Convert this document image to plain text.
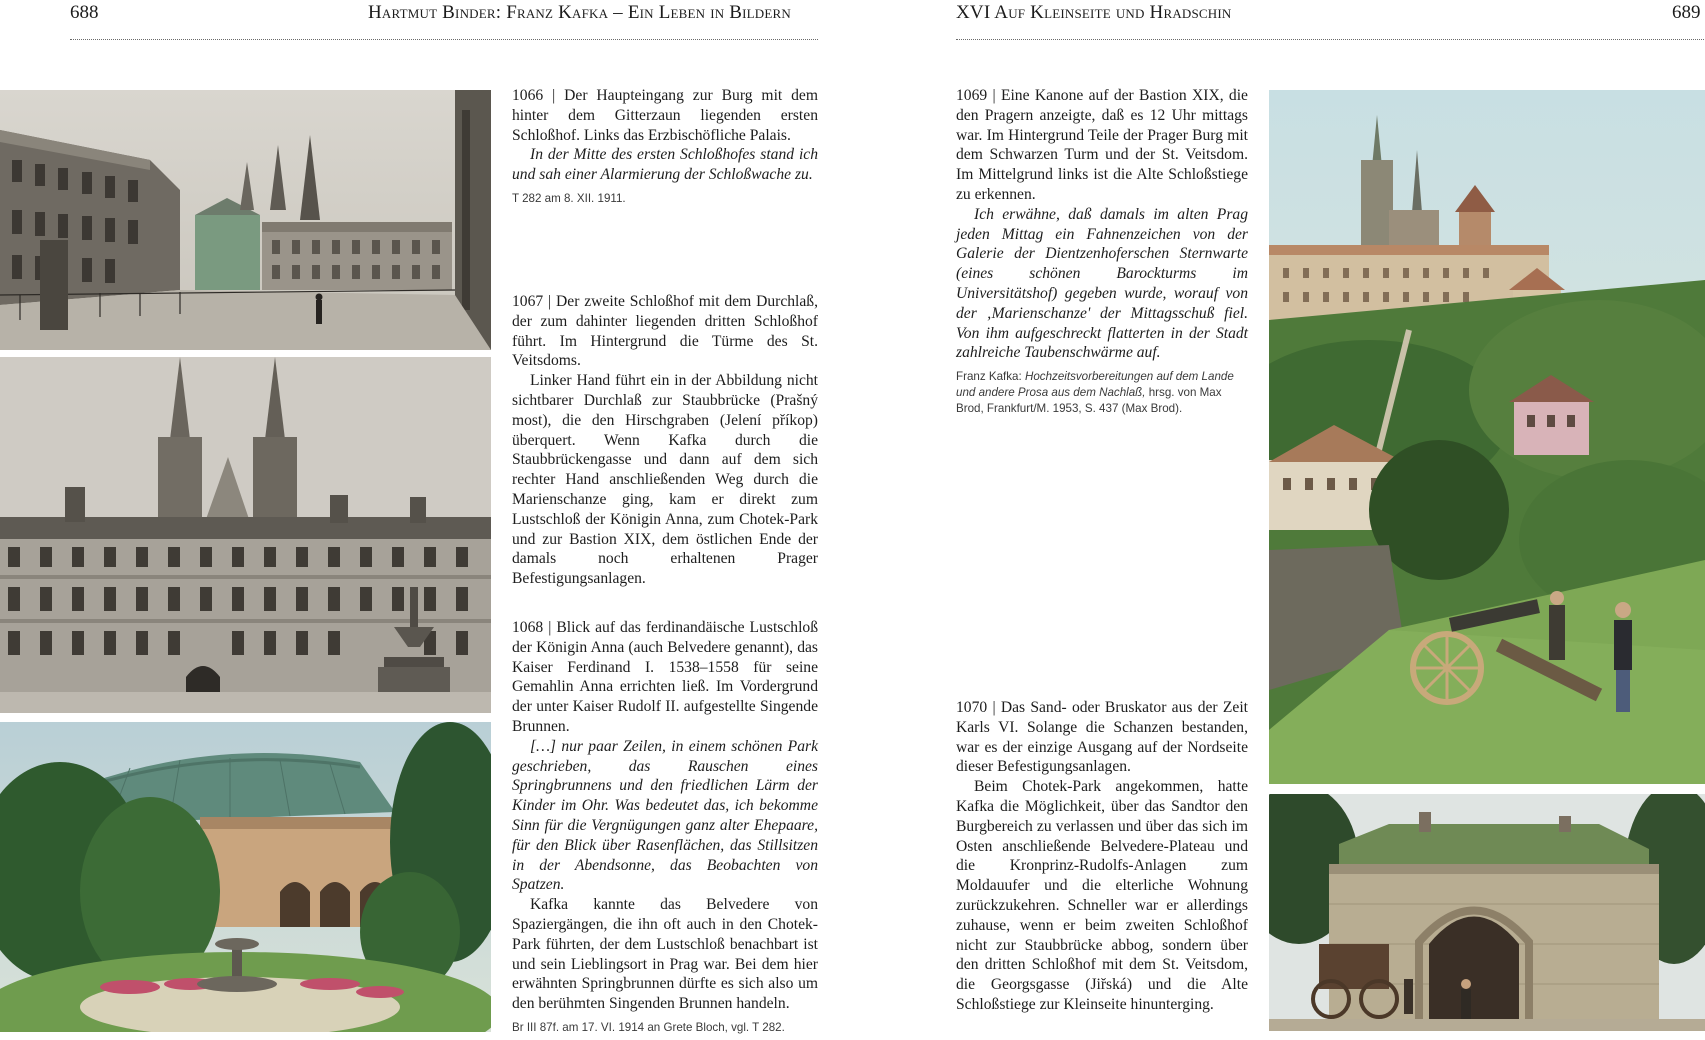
688	Hartmut Binder: Franz Kafka – Ein Leben in Bildern	XVI Auf Kleinseite und Hradschin	689

1066 | Der Haupteingang zur Burg mit dem hinter dem Gitterzaun liegenden ersten Schloßhof. Links das Erzbischöfliche Palais.

In der Mitte des ersten Schloßhofes stand ich und sah einer Alarmierung der Schloßwache zu.

T 282 am 8. XII. 1911.

1067 | Der zweite Schloßhof mit dem Durchlaß, der zum dahinter liegenden dritten Schloßhof führt. Im Hintergrund die Türme des St. Veitsdoms.

Linker Hand führt ein in der Abbildung nicht sichtbarer Durchlaß zur Staubbrücke (Prašný most), die den Hirschgraben (Jelení příkop) überquert. Wenn Kafka durch die Staubbrückengasse und dann auf dem sich rechter Hand anschließenden Weg durch die Marienschanze ging, kam er direkt zum Lustschloß der Königin Anna, zum Chotek-Park und zur Bastion XIX, dem östlichen Ende der damals noch erhaltenen Prager Befestigungsanlagen.

1068 | Blick auf das ferdinandäische Lustschloß der Königin Anna (auch Belvedere genannt), das Kaiser Ferdinand I. 1538–1558 für seine Gemahlin Anna errichten ließ. Im Vordergrund der unter Kaiser Rudolf II. aufgestellte Singende Brunnen.

[…] nur paar Zeilen, in einem schönen Park geschrieben, das Rauschen eines Springbrunnens und den friedlichen Lärm der Kinder im Ohr. Was bedeutet das, ich bekomme Sinn für die Vergnügungen ganz alter Ehepaare, für den Blick über Rasenflächen, das Stillsitzen in der Abendsonne, das Beobachten von Spatzen.

Kafka kannte das Belvedere von Spaziergängen, die ihn oft auch in den Chotek-Park führten, der dem Lustschloß benachbart ist und sein Lieblingsort in Prag war. Bei dem hier erwähnten Springbrunnen dürfte es sich also um den berühmten Singenden Brunnen handeln.

Br III 87f. am 17. VI. 1914 an Grete Bloch, vgl. T 282.

1069 | Eine Kanone auf der Bastion XIX, die den Pragern anzeigte, daß es 12 Uhr mittags war. Im Hintergrund Teile der Prager Burg mit dem Schwarzen Turm und der St. Veitsdom. Im Mittelgrund links ist die Alte Schloßstiege zu erkennen.

Ich erwähne, daß damals im alten Prag jeden Mittag ein Fahnenzeichen von der Galerie der Dientzenhoferschen Sternwarte (eines schönen Barockturms im Universitätshof) gegeben wurde, worauf von der ‚Marienschanze' der Mittagsschuß fiel. Von ihm aufgeschreckt flatterten in der Stadt zahlreiche Taubenschwärme auf.

Franz Kafka: Hochzeitsvorbereitungen auf dem Lande und andere Prosa aus dem Nachlaß, hrsg. von Max Brod, Frankfurt/M. 1953, S. 437 (Max Brod).

1070 | Das Sand- oder Bruskator aus der Zeit Karls VI. Solange die Schanzen bestanden, war es der einzige Ausgang auf der Nordseite dieser Befestigungsanlagen.

Beim Chotek-Park angekommen, hatte Kafka die Möglichkeit, über das Sandtor den Burgbereich zu verlassen und über das sich im Osten anschließende Belvedere-Plateau und die Kronprinz-Rudolfs-Anlagen zum Moldauufer und die elterliche Wohnung zurückzukehren. Schneller war er allerdings zuhause, wenn er beim zweiten Schloßhof nicht zur Staubbrücke abbog, sondern über den dritten Schloßhof mit dem St. Veitsdom, die Georgsgasse (Jiřská) und die Alte Schloßstiege zur Kleinseite hinunterging.
